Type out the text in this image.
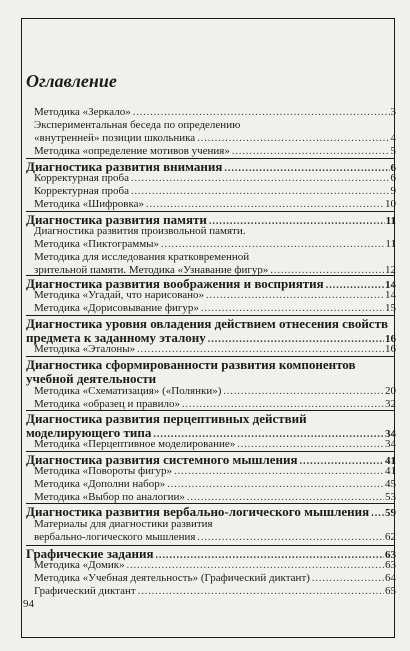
Оглавление
Методика «Зеркало» .....	3
Экспериментальная беседа по определению
«внутренней» позиции школьника .....	4
Методика «определение мотивов учения» .....	5
Диагностика развития внимания .....	6
Корректурная проба .....	6
Корректурная проба .....	9
Методика «Шифровка» .....	10
Диагностика развития памяти .....	11
Диагностика развития произвольной памяти.
Методика «Пиктограммы» .....	11
Методика для исследования кратковременной
зрительной памяти. Методика «Узнавание фигур» .....	12
Диагностика развития воображения и восприятия .....	14
Методика «Угадай, что нарисовано» .....	14
Методика «Дорисовывание фигур» .....	15
Диагностика уровня овладения действием отнесения свойств
предмета к заданному эталону .....	16
Методика «Эталоны» .....	16
Диагностика сформированности развития компонентов
учебной деятельности
Методика «Схематизация» («Полянки») .....	20
Методика «образец и правило» .....	32
Диагностика развития перцептивных действий
моделирующего типа .....	34
Методика «Перцептивное моделирование» .....	34
Диагностика развития системного мышления .....	41
Методика «Повороты фигур» .....	41
Методика «Дополни набор» .....	45
Методика «Выбор по аналогии» .....	53
Диагностика развития вербально-логического мышления ..... 59
Материалы для диагностики развития
вербально-логического мышления .....	62
Графические задания .....	63
Методика «Домик» .....	63
Методика «Учебная деятельность» (Графический диктант) .....	64
Графический диктант .....	65
94
